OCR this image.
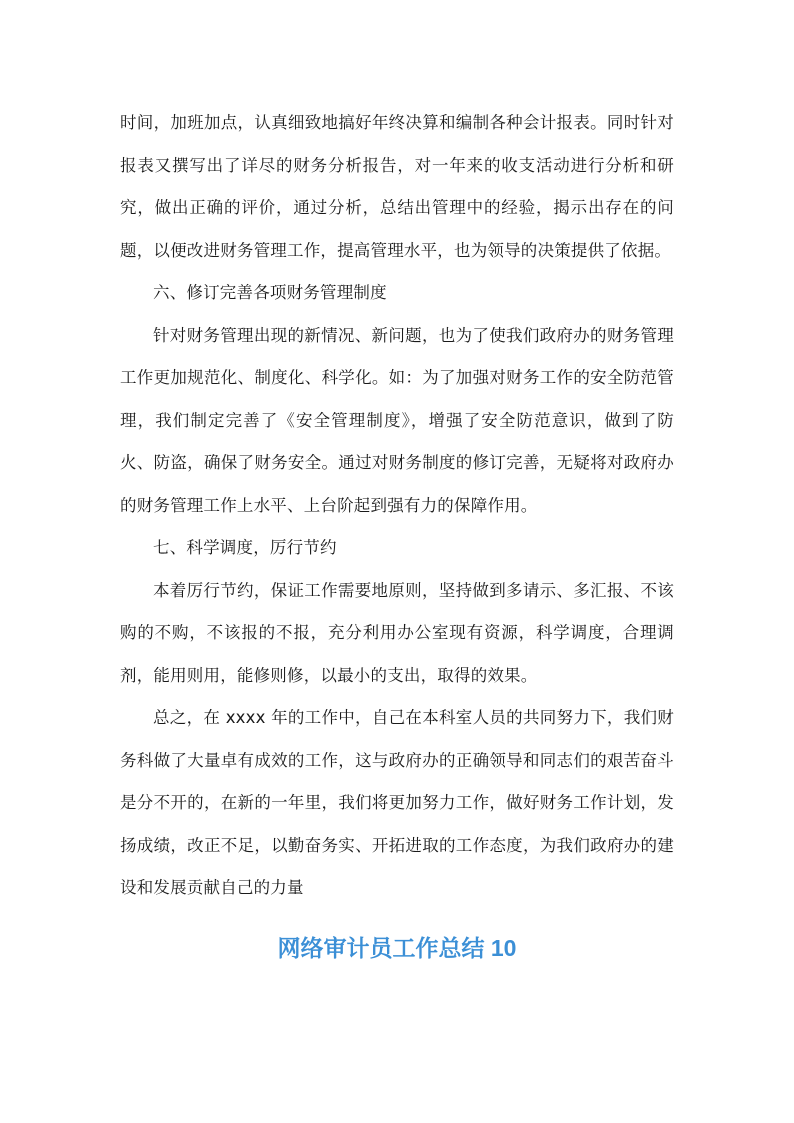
时间，加班加点，认真细致地搞好年终决算和编制各种会计报表。同时针对报表又撰写出了详尽的财务分析报告，对一年来的收支活动进行分析和研究，做出正确的评价，通过分析，总结出管理中的经验，揭示出存在的问题，以便改进财务管理工作，提高管理水平，也为领导的决策提供了依据。

六、修订完善各项财务管理制度

针对财务管理出现的新情况、新问题，也为了使我们政府办的财务管理工作更加规范化、制度化、科学化。如：为了加强对财务工作的安全防范管理，我们制定完善了《安全管理制度》，增强了安全防范意识，做到了防火、防盗，确保了财务安全。通过对财务制度的修订完善，无疑将对政府办的财务管理工作上水平、上台阶起到强有力的保障作用。

七、科学调度，厉行节约

本着厉行节约，保证工作需要地原则，坚持做到多请示、多汇报、不该购的不购，不该报的不报，充分利用办公室现有资源，科学调度，合理调剂，能用则用，能修则修，以最小的支出，取得的效果。

总之，在 xxxx 年的工作中，自己在本科室人员的共同努力下，我们财务科做了大量卓有成效的工作，这与政府办的正确领导和同志们的艰苦奋斗是分不开的，在新的一年里，我们将更加努力工作，做好财务工作计划，发扬成绩，改正不足，以勤奋务实、开拓进取的工作态度，为我们政府办的建设和发展贡献自己的力量

网络审计员工作总结 10
